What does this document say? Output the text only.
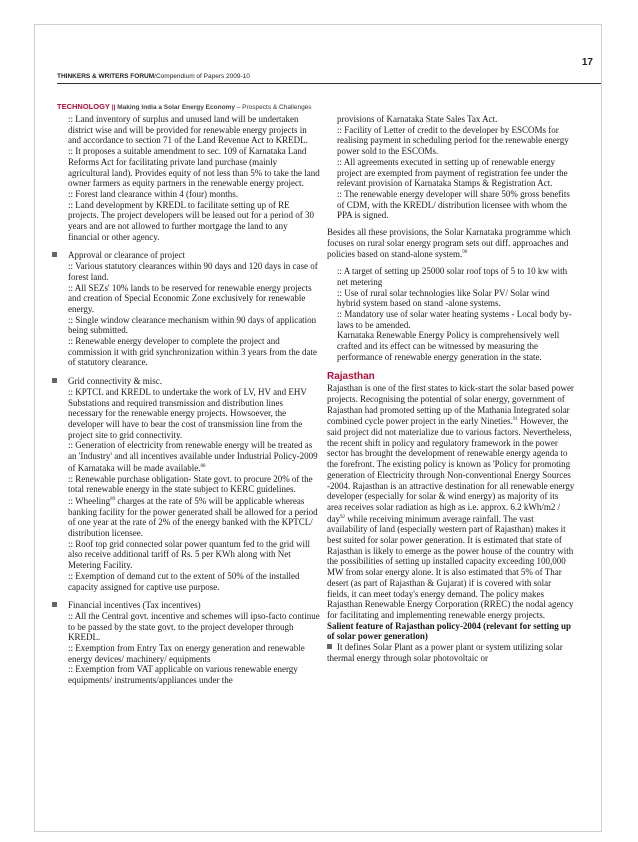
17
THINKERS & WRITERS FORUM/Compendium of Papers 2009-10
TECHNOLOGY || Making India a Solar Energy Economy – Prospects & Challenges

:: Land inventory of surplus and unused land will be undertaken district wise and will be provided for renewable energy projects in and accordance to section 71 of the Land Revenue Act to KREDL.

:: It proposes a suitable amendment to sec. 109 of Karnataka Land Reforms Act for facilitating private land purchase (mainly agricultural land). Provides equity of not less than 5% to take the land owner farmers as equity partners in the renewable energy project.

:: Forest land clearance within 4 (four) months.

:: Land development by KREDL to facilitate setting up of RE projects. The project developers will be leased out for a period of 30 years and are not allowed to further mortgage the land to any financial or other agency.

Approval or clearance of project

:: Various statutory clearances within 90 days and 120 days in case of forest land.

:: All SEZs' 10% lands to be reserved for renewable energy projects and creation of Special Economic Zone exclusively for renewable energy.

:: Single window clearance mechanism within 90 days of application being submitted.

:: Renewable energy developer to complete the project and commission it with grid synchronization within 3 years from the date of statutory clearance.

Grid connectivity & misc.

:: KPTCL and KREDL to undertake the work of LV, HV and EHV Substations and required transmission and distribution lines necessary for the renewable energy projects. Howsoever, the developer will have to bear the cost of transmission line from the project site to grid connectivity.

:: Generation of electricity from renewable energy will be treated as an 'Industry' and all incentives available under Industrial Policy-2009 of Karnataka will be made available.$^{88}$

:: Renewable purchase obligation- State govt. to procure 20% of the total renewable energy in the state subject to KERC guidelines.

:: Wheeling$^{89}$ charges at the rate of 5% will be applicable whereas banking facility for the power generated shall be allowed for a period of one year at the rate of 2% of the energy banked with the KPTCL/ distribution licensee.

:: Roof top grid connected solar power quantum fed to the grid will also receive additional tariff of Rs. 5 per KWh along with Net Metering Facility.

:: Exemption of demand cut to the extent of 50% of the installed capacity assigned for captive use purpose.

Financial incentives (Tax incentives)

:: All the Central govt. incentive and schemes will ipso-facto continue to be passed by the state govt. to the project developer through KREDL.

:: Exemption from Entry Tax on energy generation and renewable energy devices/ machinery/ equipments

:: Exemption from VAT applicable on various renewable energy equipments/ instruments/appliances under the

provisions of Karnataka State Sales Tax Act.

:: Facility of Letter of credit to the developer by ESCOMs for realising payment in scheduling period for the renewable energy power sold to the ESCOMs.

:: All agreements executed in setting up of renewable energy project are exempted from payment of registration fee under the relevant provision of Karnataka Stamps & Registration Act.

:: The renewable energy developer will share 50% gross benefits of CDM, with the KREDL/ distribution licensee with whom the PPA is signed.

Besides all these provisions, the Solar Karnataka programme which focuses on rural solar energy program sets out diff. approaches and policies based on stand-alone system.$^{90}$

:: A target of setting up 25000 solar roof tops of 5 to 10 kw with net metering

:: Use of rural solar technologies like Solar PV/ Solar wind hybrid system based on stand -alone systems.

:: Mandatory use of solar water heating systems - Local body by- laws to be amended.

Karnataka Renewable Energy Policy is comprehensively well crafted and its effect can be witnessed by measuring the performance of renewable energy generation in the state.

Rajasthan

Rajasthan is one of the first states to kick-start the solar based power projects. Recognising the potential of solar energy, government of Rajasthan had promoted setting up of the Mathania Integrated solar combined cycle power project in the early Nineties.$^{91}$ However, the said project did not materialize due to various factors. Nevertheless, the recent shift in policy and regulatory framework in the power sector has brought the development of renewable energy agenda to the forefront. The existing policy is known as 'Policy for promoting generation of Electricity through Non-conventional Energy Sources -2004. Rajasthan is an attractive destination for all renewable energy developer (especially for solar & wind energy) as majority of its area receives solar radiation as high as i.e. approx. 6.2 kWh/m2 / day$^{92}$ while receiving minimum average rainfall. The vast availability of land (especially western part of Rajasthan) makes it best suited for solar power generation. It is estimated that state of Rajasthan is likely to emerge as the power house of the country with the possibilities of setting up installed capacity exceeding 100,000 MW from solar energy alone. It is also estimated that 5% of Thar desert (as part of Rajasthan & Gujarat) if is covered with solar fields, it can meet today's energy demand. The policy makes Rajasthan Renewable Energy Corporation (RREC) the nodal agency for facilitating and implementing renewable energy projects.

Salient feature of Rajasthan policy-2004 (relevant for setting up of solar power generation)

It defines Solar Plant as a power plant or system utilizing solar thermal energy through solar photovoltaic or
